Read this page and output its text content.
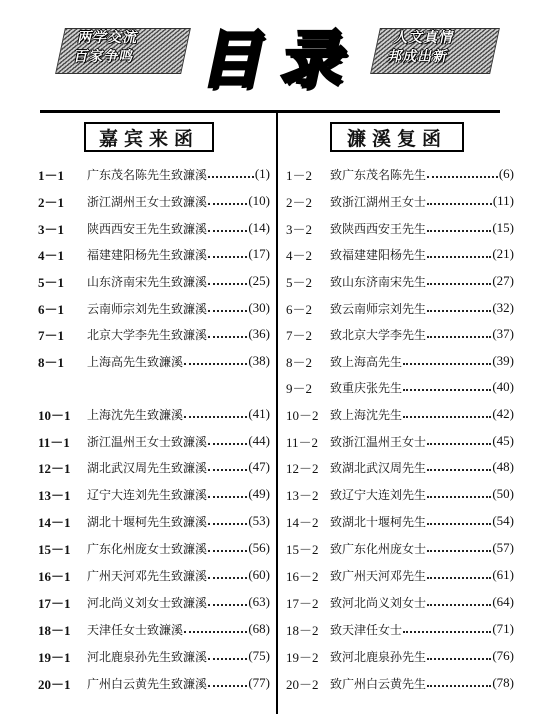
两学交流
百家争鸣 目 录	人文真情
邦成出新
嘉宾来函	濂溪复函
1－1	广东茂名陈先生致濂溪	(1)
2－1	浙江湖州王女士致濂溪	(10)
3－1	陕西西安王先生致濂溪	(14)
4－1	福建建阳杨先生致濂溪	(17)
5－1	山东济南宋先生致濂溪	(25)
6－1	云南师宗刘先生致濂溪	(30)
7－1	北京大学李先生致濂溪	(36)
8－1	上海高先生致濂溪	(38)
10－1	上海沈先生致濂溪	(41)
11－1	浙江温州王女士致濂溪	(44)
12－1	湖北武汉周先生致濂溪	(47)
13－1	辽宁大连刘先生致濂溪	(49)
14－1	湖北十堰柯先生致濂溪	(53)
15－1	广东化州庞女士致濂溪	(56)
16－1	广州天河邓先生致濂溪	(60)
17－1	河北尚义刘女士致濂溪	(63)
18－1	天津任女士致濂溪	(68)
19－1	河北鹿泉孙先生致濂溪	(75)
20－1	广州白云黄先生致濂溪	(77)
1－2	致广东茂名陈先生	(6)
2－2	致浙江湖州王女士	(11)
3－2	致陕西西安王先生	(15)
4－2	致福建建阳杨先生	(21)
5－2	致山东济南宋先生	(27)
6－2	致云南师宗刘先生	(32)
7－2	致北京大学李先生	(37)
8－2	致上海高先生	(39)
9－2	致重庆张先生	(40)
10－2 致上海沈先生	(42)
11－2 致浙江温州王女士	(45)
12－2 致湖北武汉周先生	(48)
13－2 致辽宁大连刘先生	(50)
14－2 致湖北十堰柯先生	(54)
15－2 致广东化州庞女士	(57)
16－2 致广州天河邓先生	(61)
17－2 致河北尚义刘女士	(64)
18－2 致天津任女士	(71)
19－2 致河北鹿泉孙先生	(76)
20－2 致广州白云黄先生	(78)
